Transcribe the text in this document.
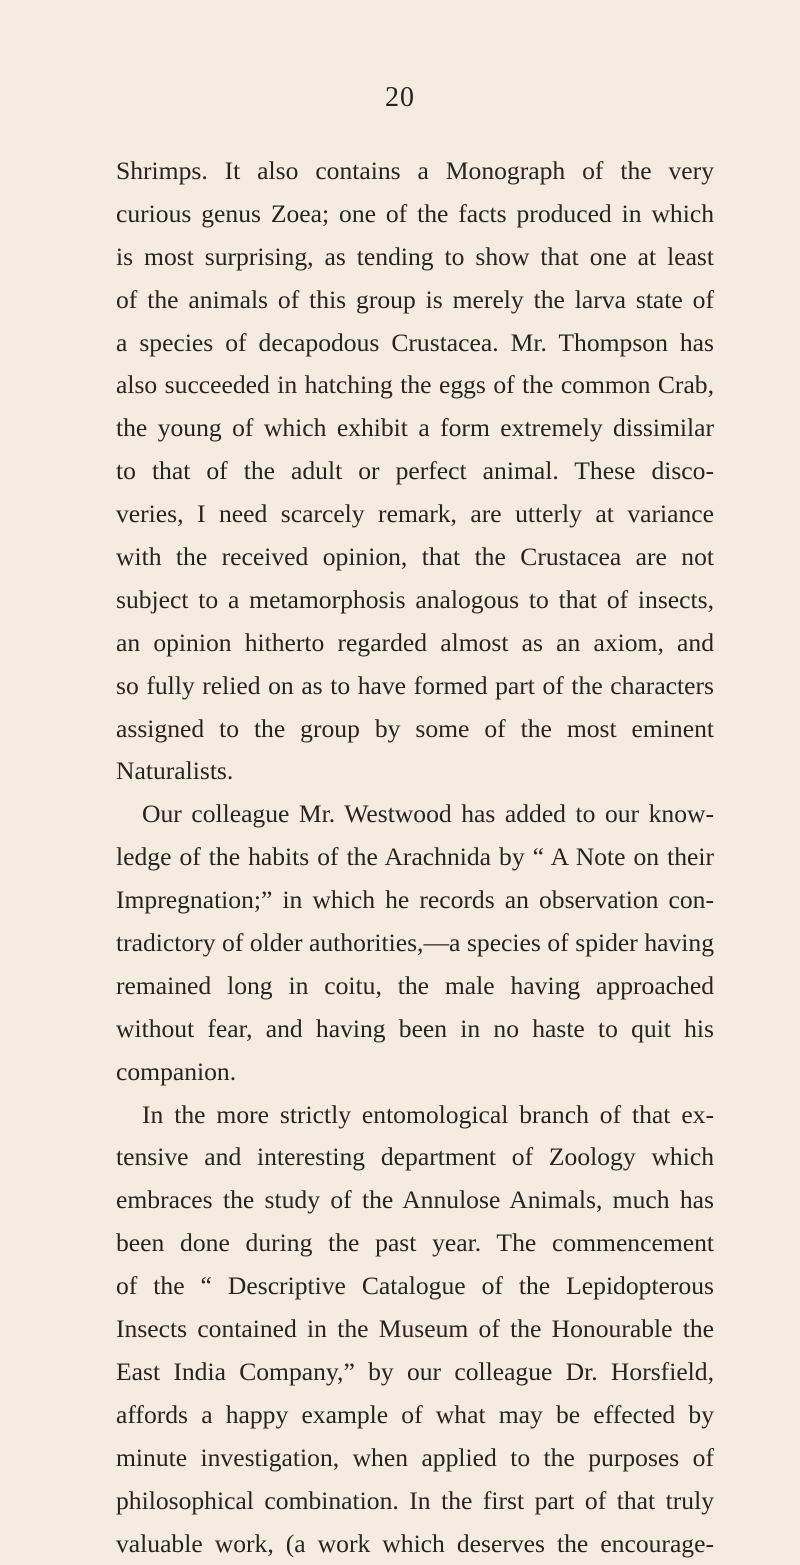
20
Shrimps. It also contains a Monograph of the very
curious genus Zoea; one of the facts produced in which
is most surprising, as tending to show that one at least
of the animals of this group is merely the larva state of
a species of decapodous Crustacea. Mr. Thompson has
also succeeded in hatching the eggs of the common Crab,
the young of which exhibit a form extremely dissimilar
to that of the adult or perfect animal. These disco-
veries, I need scarcely remark, are utterly at variance
with the received opinion, that the Crustacea are not
subject to a metamorphosis analogous to that of insects,
an opinion hitherto regarded almost as an axiom, and
so fully relied on as to have formed part of the characters
assigned to the group by some of the most eminent
Naturalists.
Our colleague Mr. Westwood has added to our know-
ledge of the habits of the Arachnida by “ A Note on their
Impregnation;” in which he records an observation con-
tradictory of older authorities,—a species of spider having
remained long in coitu, the male having approached
without fear, and having been in no haste to quit his
companion.
In the more strictly entomological branch of that ex-
tensive and interesting department of Zoology which
embraces the study of the Annulose Animals, much has
been done during the past year. The commencement
of the “ Descriptive Catalogue of the Lepidopterous
Insects contained in the Museum of the Honourable the
East India Company,” by our colleague Dr. Horsfield,
affords a happy example of what may be effected by
minute investigation, when applied to the purposes of
philosophical combination. In the first part of that truly
valuable work, (a work which deserves the encourage-
